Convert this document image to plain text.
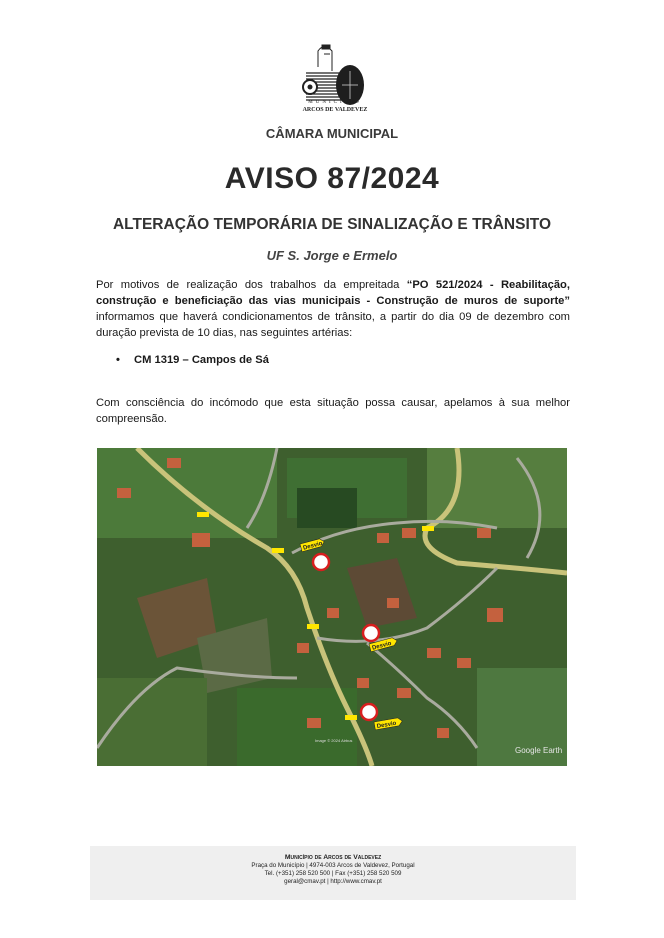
MUNICÍPIO
ARCOS DE VALDEVEZ
CÂMARA MUNICIPAL
AVISO 87/2024
ALTERAÇÃO TEMPORÁRIA DE SINALIZAÇÃO E TRÂNSITO
UF S. Jorge e Ermelo
Por motivos de realização dos trabalhos da empreitada “PO 521/2024 - Reabilitação, construção e beneficiação das vias municipais - Construção de muros de suporte” informamos que haverá condicionamentos de trânsito, a partir do dia 09 de dezembro com duração prevista de 10 dias, nas seguintes artérias:
• CM 1319 – Campos de Sá
Com consciência do incómodo que esta situação possa causar, apelamos à sua melhor compreensão.
Desvio
Desvio
Desvio
Google Earth
Image © 2024 Airbus
Município de Arcos de Valdevez
Praça do Município | 4974-003 Arcos de Valdevez, Portugal
Tel. (+351) 258 520 500 | Fax (+351) 258 520 509
geral@cmav.pt | http://www.cmav.pt
